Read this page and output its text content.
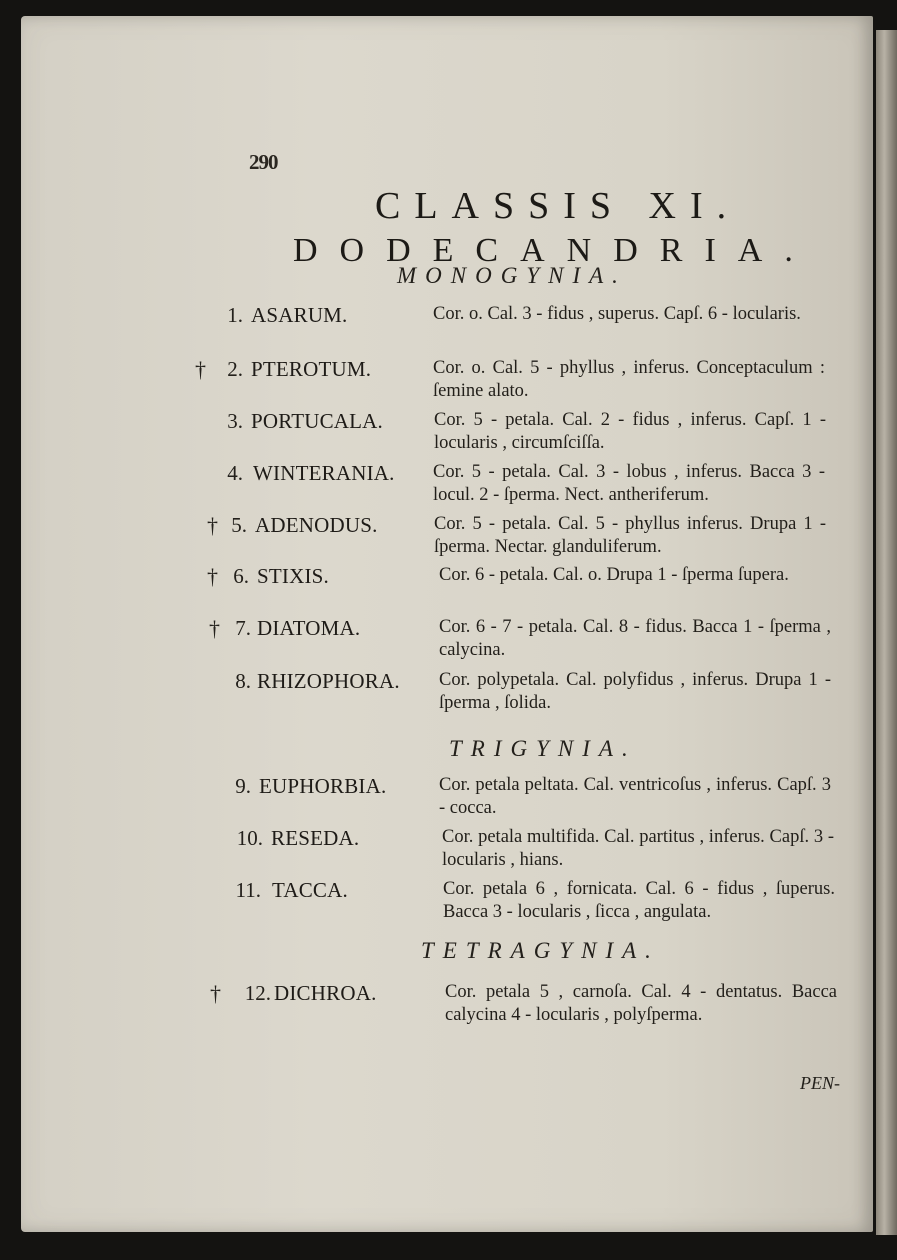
290
CLASSIS XI.
DODECANDRIA.
MONOGYNIA.
TRIGYNIA.
TETRAGYNIA.
1. ASARUM.	Cor. o. Cal. 3 - fidus , superus. Capſ. 6 - locularis.
†	2. PTEROTUM.	Cor. o. Cal. 5 - phyllus , inferus. Conceptaculum : ſemine alato.
3. PORTUCALA.	Cor. 5 - petala. Cal. 2 - fidus , inferus. Capſ. 1 - locularis , circumſciſſa.
4. WINTERANIA. Cor. 5 - petala. Cal. 3 - lobus , inferus. Bacca 3 - locul. 2 - ſperma. Nect. antheriferum.
† 5. ADENODUS.	Cor. 5 - petala. Cal. 5 - phyllus inferus. Drupa 1 - ſperma. Nectar. glanduliferum.
† 6. STIXIS.	Cor. 6 - petala. Cal. o. Drupa 1 - ſperma ſupera.
† 7. DIATOMA.	Cor. 6 - 7 - petala. Cal. 8 - fidus. Bacca 1 - ſperma , calycina.
8. RHIZOPHORA. Cor. polypetala. Cal. polyfidus , inferus. Drupa 1 - ſperma , ſolida.
9. EUPHORBIA.	Cor. petala peltata. Cal. ventricoſus , inferus. Capſ. 3 - cocca.
10. RESEDA.	Cor. petala multifida. Cal. partitus , inferus. Capſ. 3 - locularis , hians.
11. TACCA.	Cor. petala 6 , fornicata. Cal. 6 - fidus , ſuperus. Bacca 3 - locularis , ſicca , angulata.
†	12. DICHROA.	Cor. petala 5 , carnoſa. Cal. 4 - dentatus. Bacca calycina 4 - locularis , polyſperma.
PEN-
